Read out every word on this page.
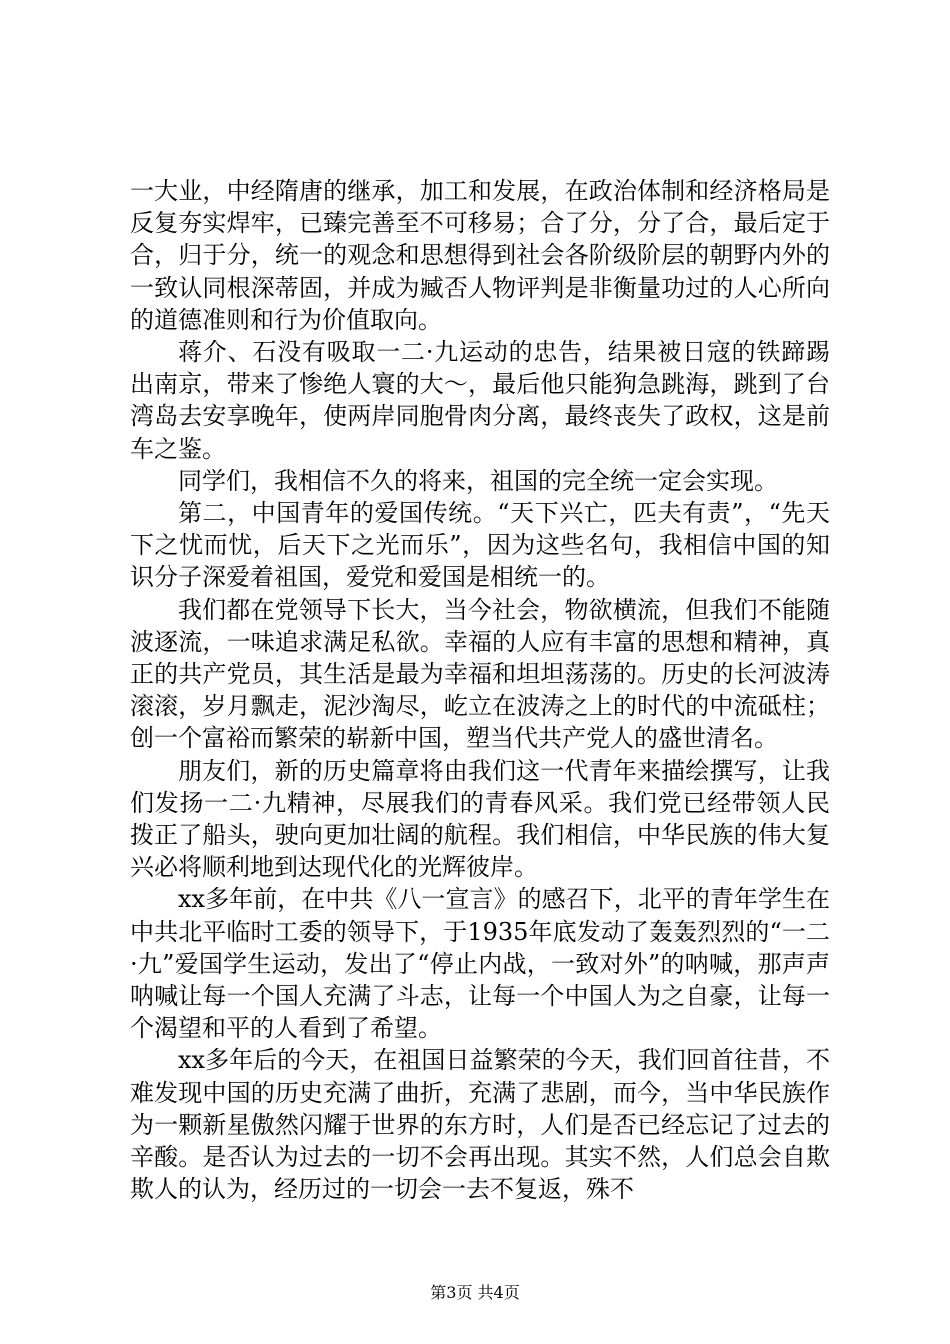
一大业，中经隋唐的继承，加工和发展，在政治体制和经济格局是反复夯实焊牢，已臻完善至不可移易；合了分，分了合，最后定于合，归于分，统一的观念和思想得到社会各阶级阶层的朝野内外的一致认同根深蒂固，并成为臧否人物评判是非衡量功过的人心所向的道德准则和行为价值取向。

蒋介、石没有吸取一二·九运动的忠告，结果被日寇的铁蹄踢出南京，带来了惨绝人寰的大～，最后他只能狗急跳海，跳到了台湾岛去安享晚年，使两岸同胞骨肉分离，最终丧失了政权，这是前车之鉴。

同学们，我相信不久的将来，祖国的完全统一定会实现。

第二，中国青年的爱国传统。“天下兴亡，匹夫有责”，“先天下之忧而忧，后天下之光而乐”，因为这些名句，我相信中国的知识分子深爱着祖国，爱党和爱国是相统一的。

我们都在党领导下长大，当今社会，物欲横流，但我们不能随波逐流，一味追求满足私欲。幸福的人应有丰富的思想和精神，真正的共产党员，其生活是最为幸福和坦坦荡荡的。历史的长河波涛滚滚，岁月飘走，泥沙淘尽，屹立在波涛之上的时代的中流砥柱；创一个富裕而繁荣的崭新中国，塑当代共产党人的盛世清名。

朋友们，新的历史篇章将由我们这一代青年来描绘撰写，让我们发扬一二·九精神，尽展我们的青春风采。我们党已经带领人民拨正了船头，驶向更加壮阔的航程。我们相信，中华民族的伟大复兴必将顺利地到达现代化的光辉彼岸。

xx多年前，在中共《八一宣言》的感召下，北平的青年学生在中共北平临时工委的领导下，于1935年底发动了轰轰烈烈的“一二·九”爱国学生运动，发出了“停止内战，一致对外”的呐喊，那声声呐喊让每一个国人充满了斗志，让每一个中国人为之自豪，让每一个渴望和平的人看到了希望。

xx多年后的今天，在祖国日益繁荣的今天，我们回首往昔，不难发现中国的历史充满了曲折，充满了悲剧，而今，当中华民族作为一颗新星傲然闪耀于世界的东方时，人们是否已经忘记了过去的辛酸。是否认为过去的一切不会再出现。其实不然，人们总会自欺欺人的认为，经历过的一切会一去不复返，殊不

第3页 共4页
